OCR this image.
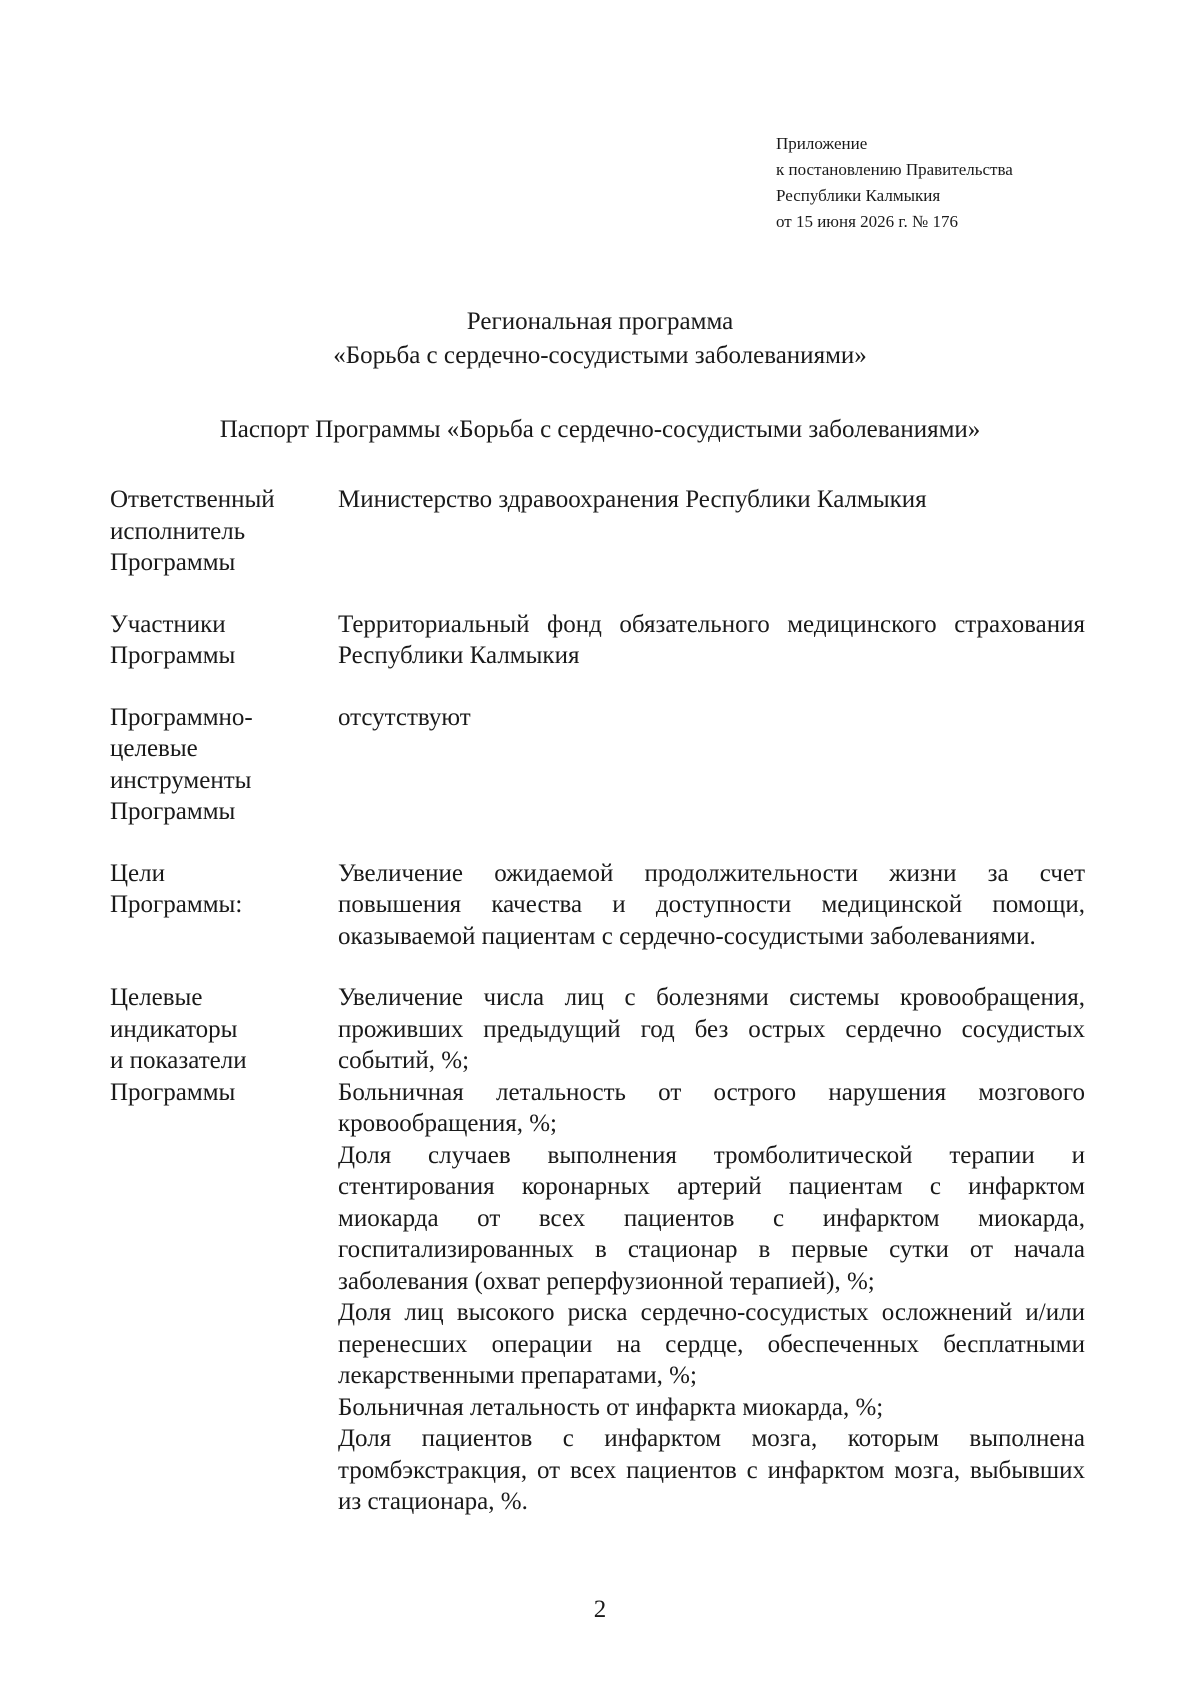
Приложение
к постановлению Правительства
Республики Калмыкия
от 15 июня 2026 г. № 176
Региональная программа
«Борьба с сердечно-сосудистыми заболеваниями»
Паспорт Программы «Борьба с сердечно-сосудистыми заболеваниями»
Ответственный
исполнитель
Программы

Министерство здравоохранения Республики Калмыкия

Участники
Программы

Территориальный фонд обязательного медицинского страхования Республики Калмыкия

Программно-
целевые
инструменты
Программы

отсутствуют

Цели
Программы:

Увеличение ожидаемой продолжительности жизни за счет повышения качества и доступности медицинской помощи, оказываемой пациентам с сердечно-сосудистыми заболеваниями.

Целевые
индикаторы
и показатели
Программы

Увеличение числа лиц с болезнями системы кровообращения, проживших предыдущий год без острых сердечно сосудистых событий, %;

Больничная летальность от острого нарушения мозгового кровообращения, %;

Доля случаев выполнения тромболитической терапии и стентирования коронарных артерий пациентам с инфарктом миокарда от всех пациентов с инфарктом миокарда, госпитализированных в стационар в первые сутки от начала заболевания (охват реперфузионной терапией), %;

Доля лиц высокого риска сердечно-сосудистых осложнений и/или перенесших операции на сердце, обеспеченных бесплатными лекарственными препаратами, %;

Больничная летальность от инфаркта миокарда, %;

Доля пациентов с инфарктом мозга, которым выполнена тромбэкстракция, от всех пациентов с инфарктом мозга, выбывших из стационара, %.

2
